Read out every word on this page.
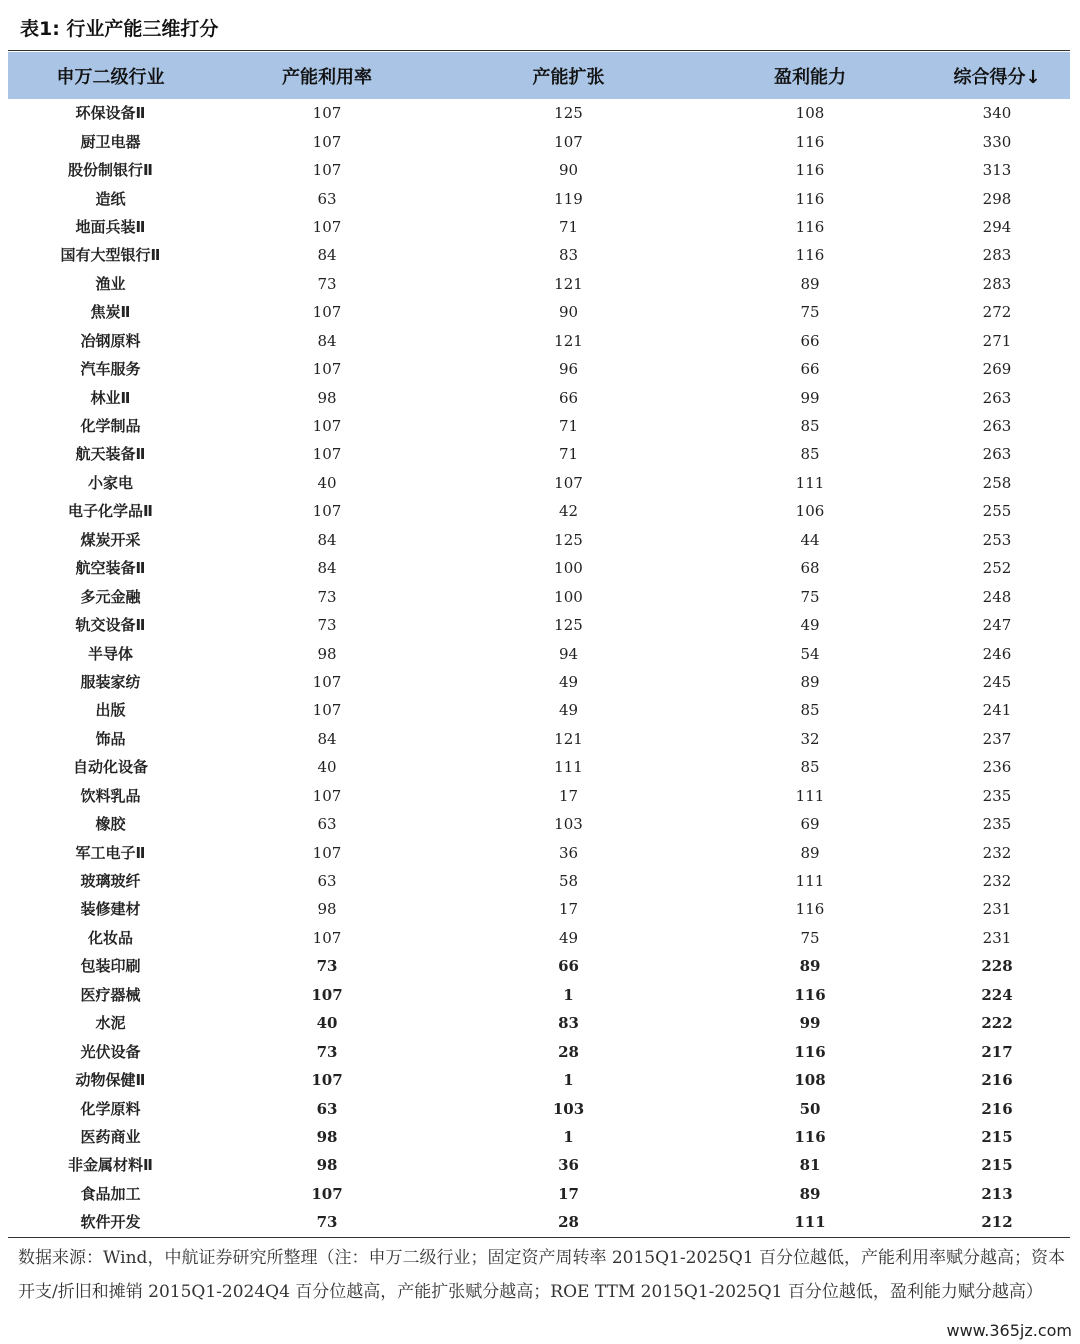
表1: 行业产能三维打分
申万二级行业	产能利用率	产能扩张	盈利能力	综合得分↓
环保设备Ⅱ	107	125	108	340
厨卫电器	107	107	116	330
股份制银行Ⅱ	107	90	116	313
造纸	63	119	116	298
地面兵装Ⅱ	107	71	116	294
国有大型银行Ⅱ	84	83	116	283
渔业	73	121	89	283
焦炭Ⅱ	107	90	75	272
冶钢原料	84	121	66	271
汽车服务	107	96	66	269
林业Ⅱ	98	66	99	263
化学制品	107	71	85	263
航天装备Ⅱ	107	71	85	263
小家电	40	107	111	258
电子化学品Ⅱ	107	42	106	255
煤炭开采	84	125	44	253
航空装备Ⅱ	84	100	68	252
多元金融	73	100	75	248
轨交设备Ⅱ	73	125	49	247
半导体	98	94	54	246
服装家纺	107	49	89	245
出版	107	49	85	241
饰品	84	121	32	237
自动化设备	40	111	85	236
饮料乳品	107	17	111	235
橡胶	63	103	69	235
军工电子Ⅱ	107	36	89	232
玻璃玻纤	63	58	111	232
装修建材	98	17	116	231
化妆品	107	49	75	231
包装印刷	73	66	89	228
医疗器械	107	1	116	224
水泥	40	83	99	222
光伏设备	73	28	116	217
动物保健Ⅱ	107	1	108	216
化学原料	63	103	50	216
医药商业	98	1	116	215
非金属材料Ⅱ	98	36	81	215
食品加工	107	17	89	213
软件开发	73	28	111	212
数据来源：Wind，中航证券研究所整理（注：申万二级行业；固定资产周转率 2015Q1-2025Q1 百分位越低，产能利用率赋分越高；资本开支/折旧和摊销 2015Q1-2024Q4 百分位越高，产能扩张赋分越高；ROE TTM 2015Q1-2025Q1 百分位越低，盈利能力赋分越高）
www.365jz.com
